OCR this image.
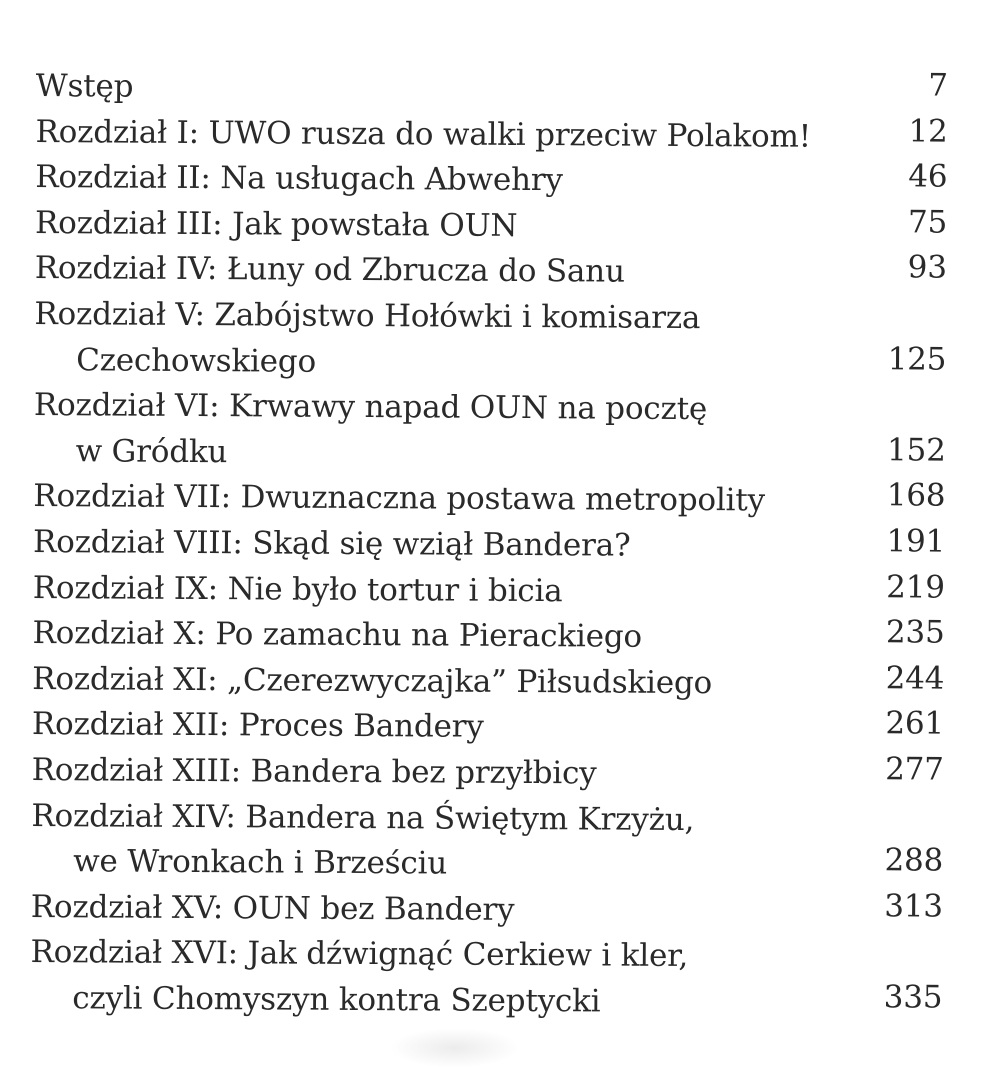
Wstęp	7
Rozdział I: UWO rusza do walki przeciw Polakom!	12
Rozdział II: Na usługach Abwehry	46
Rozdział III: Jak powstała OUN	75
Rozdział IV: Łuny od Zbrucza do Sanu	93
Rozdział V: Zabójstwo Hołówki i komisarza
Czechowskiego	125
Rozdział VI: Krwawy napad OUN na pocztę
w Gródku	152
Rozdział VII: Dwuznaczna postawa metropolity	168
Rozdział VIII: Skąd się wziął Bandera?	191
Rozdział IX: Nie było tortur i bicia	219
Rozdział X: Po zamachu na Pierackiego	235
Rozdział XI: „Czerezwyczajka” Piłsudskiego	244
Rozdział XII: Proces Bandery	261
Rozdział XIII: Bandera bez przyłbicy	277
Rozdział XIV: Bandera na Świętym Krzyżu,
we Wronkach i Brześciu	288
Rozdział XV: OUN bez Bandery	313
Rozdział XVI: Jak dźwignąć Cerkiew i kler,
czyli Chomyszyn kontra Szeptycki	335
